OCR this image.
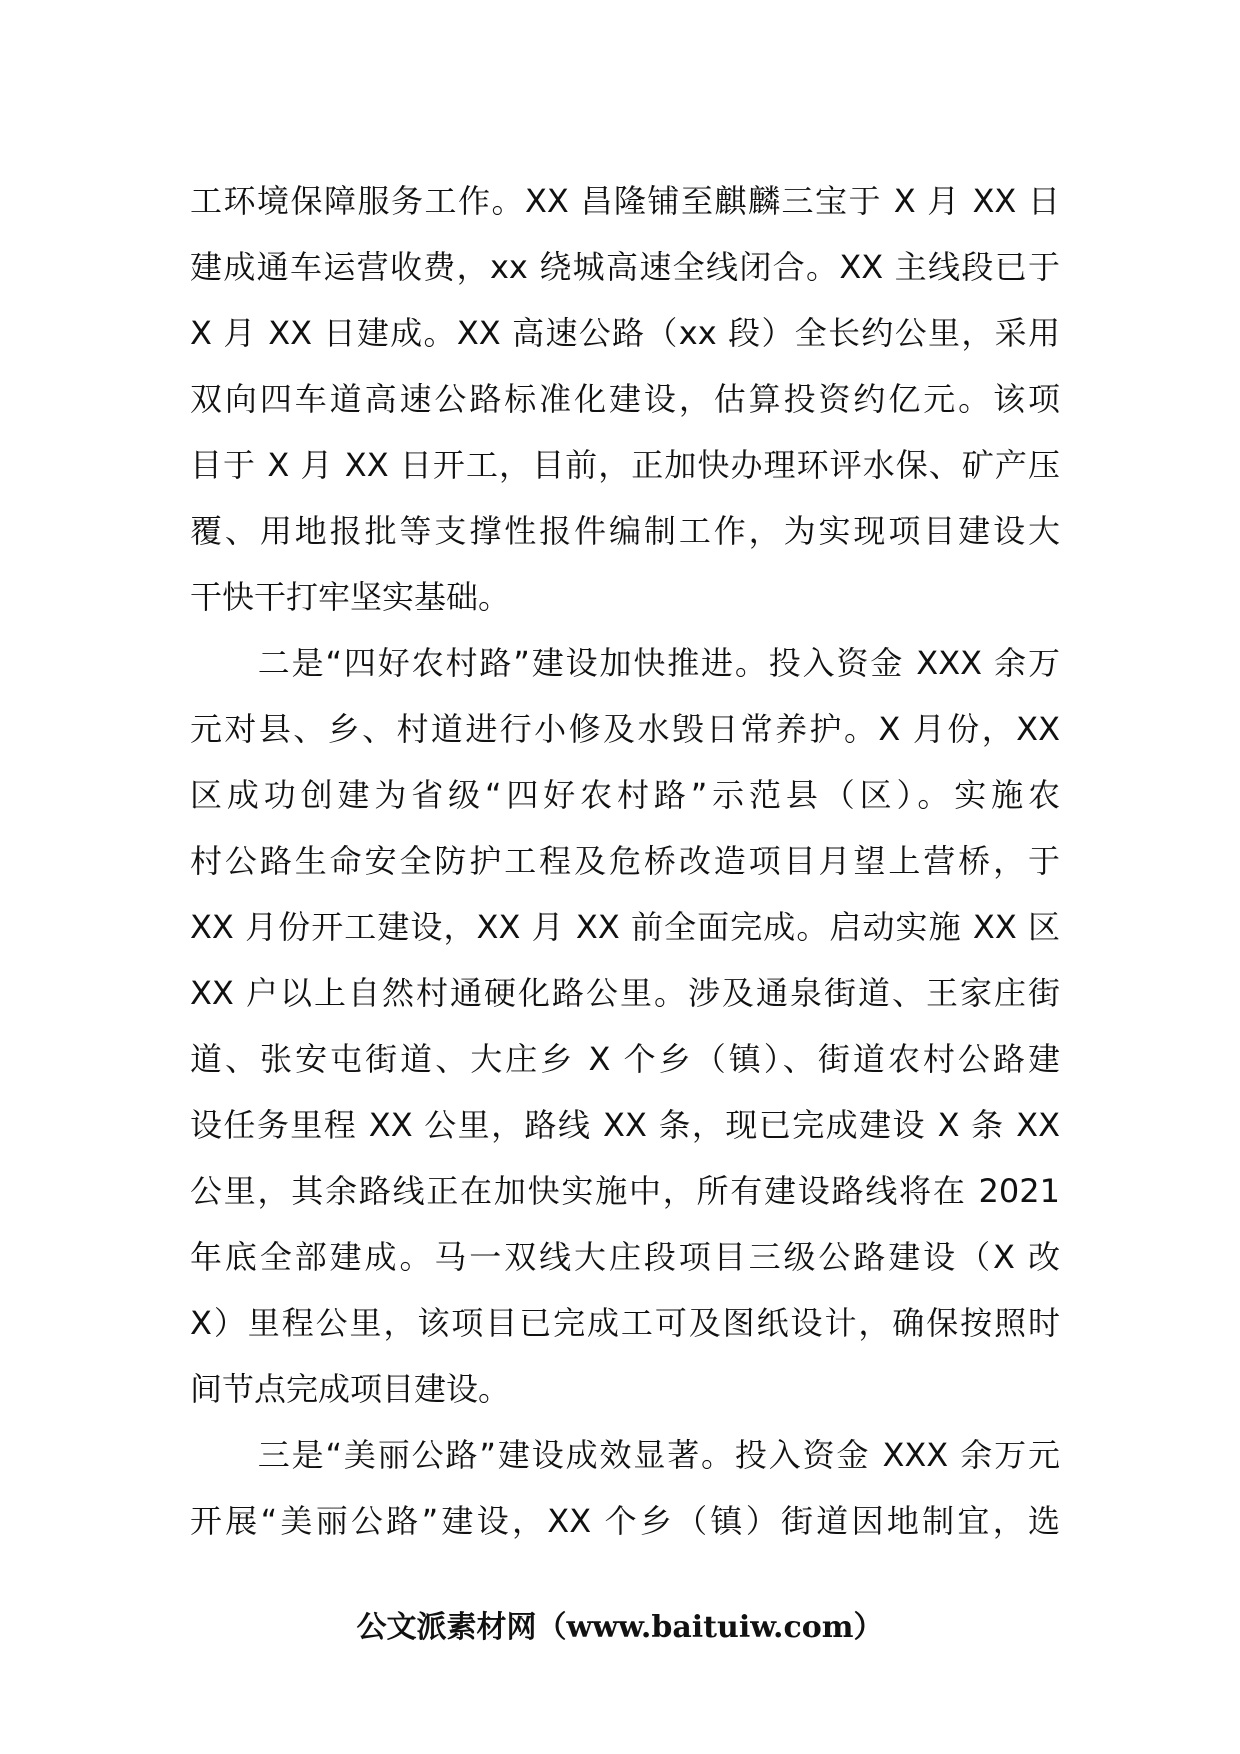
工环境保障服务工作。XX 昌隆铺至麒麟三宝于 X 月 XX 日
建成通车运营收费，xx 绕城高速全线闭合。XX 主线段已于
X 月 XX 日建成。XX 高速公路（xx 段）全长约公里，采用
双向四车道高速公路标准化建设，估算投资约亿元。该项
目于 X 月 XX 日开工，目前，正加快办理环评水保、矿产压
覆、用地报批等支撑性报件编制工作，为实现项目建设大
干快干打牢坚实基础。
　　二是“四好农村路”建设加快推进。投入资金 XXX 余万
元对县、乡、村道进行小修及水毁日常养护。X 月份，XX
区成功创建为省级“四好农村路”示范县（区）。实施农
村公路生命安全防护工程及危桥改造项目月望上营桥，于
XX 月份开工建设，XX 月 XX 前全面完成。启动实施 XX 区
XX 户以上自然村通硬化路公里。涉及通泉街道、王家庄街
道、张安屯街道、大庄乡 X 个乡（镇）、街道农村公路建
设任务里程 XX 公里，路线 XX 条，现已完成建设 X 条 XX
公里，其余路线正在加快实施中，所有建设路线将在 2021
年底全部建成。马一双线大庄段项目三级公路建设（X 改
X）里程公里，该项目已完成工可及图纸设计，确保按照时
间节点完成项目建设。
　　三是“美丽公路”建设成效显著。投入资金 XXX 余万元
开展“美丽公路”建设，XX 个乡（镇）街道因地制宜，选
公文派素材网（www.baituiw.com）
